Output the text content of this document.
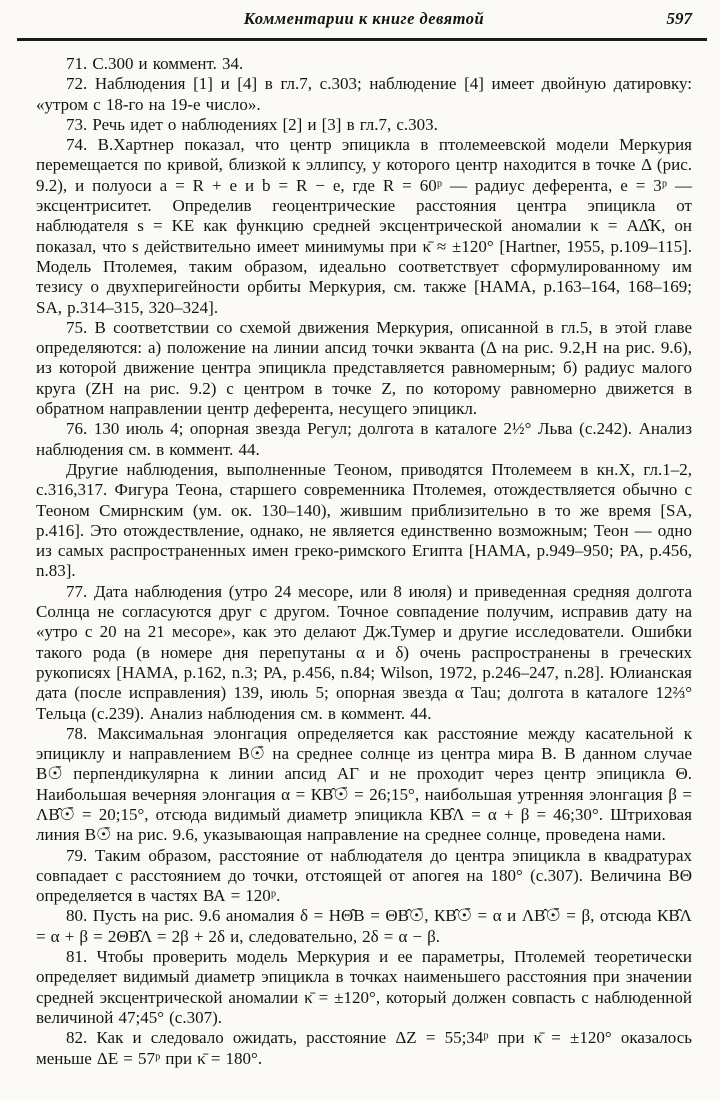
Комментарии к книге девятой	597

71. С.300 и коммент. 34.

72. Наблюдения [1] и [4] в гл.7, с.303; наблюдение [4] имеет двойную датировку: «утром с 18-го на 19-е число».

73. Речь идет о наблюдениях [2] и [3] в гл.7, с.303.

74. В.Хартнер показал, что центр эпицикла в птолемеевской модели Меркурия перемещается по кривой, близкой к эллипсу, у которого центр находится в точке Δ (рис. 9.2), и полуоси a = R + e и b = R − e, где R = 60ᵖ — радиус деферента, e = 3ᵖ — эксцентриситет. Определив геоцентрические расстояния центра эпицикла от наблюдателя s = KE как функцию средней эксцентрической аномалии κ = АΔ̂К, он показал, что s действительно имеет минимумы при κ̄ ≈ ±120° [Hartner, 1955, p.109–115]. Модель Птолемея, таким образом, идеально соответствует сформулированному им тезису о двухперигейности орбиты Меркурия, см. также [НАМА, p.163–164, 168–169; SA, p.314–315, 320–324].

75. В соответствии со схемой движения Меркурия, описанной в гл.5, в этой главе определяются: а) положение на линии апсид точки экванта (Δ на рис. 9.2,Н на рис. 9.6), из которой движение центра эпицикла представляется равномерным; б) радиус малого круга (ZH на рис. 9.2) с центром в точке Z, по которому равномерно движется в обратном направлении центр деферента, несущего эпицикл.

76. 130 июль 4; опорная звезда Регул; долгота в каталоге 2½° Льва (с.242). Анализ наблюдения см. в коммент. 44.

Другие наблюдения, выполненные Теоном, приводятся Птолемеем в кн.X, гл.1–2, с.316,317. Фигура Теона, старшего современника Птолемея, отождествляется обычно с Теоном Смирнским (ум. ок. 130–140), жившим приблизительно в то же время [SA, p.416]. Это отождествление, однако, не является единственно возможным; Теон — одно из самых распространенных имен греко-римского Египта [НАМА, p.949–950; РА, p.456, n.83].

77. Дата наблюдения (утро 24 месоре, или 8 июля) и приведенная средняя долгота Солнца не согласуются друг с другом. Точное совпадение получим, исправив дату на «утро с 20 на 21 месоре», как это делают Дж.Тумер и другие исследователи. Ошибки такого рода (в номере дня перепутаны α и δ) очень распространены в греческих рукописях [НАМА, p.162, n.3; РА, p.456, n.84; Wilson, 1972, p.246–247, n.28]. Юлианская дата (после исправления) 139, июль 5; опорная звезда α Tau; долгота в каталоге 12⅔° Тельца (с.239). Анализ наблюдения см. в коммент. 44.

78. Максимальная элонгация определяется как расстояние между касательной к эпициклу и направлением В☉̄ на среднее солнце из центра мира В. В данном случае В☉̄ перпендикулярна к линии апсид АГ и не проходит через центр эпицикла Θ. Наибольшая вечерняя элонгация α = КВ̂☉̄ = 26;15°, наибольшая утренняя элонгация β = ΛВ̂☉̄ = 20;15°, отсюда видимый диаметр эпицикла КВ̂Λ = α + β = 46;30°. Штриховая линия В☉̄ на рис. 9.6, указывающая направление на среднее солнце, проведена нами.

79. Таким образом, расстояние от наблюдателя до центра эпицикла в квадратурах совпадает с расстоянием до точки, отстоящей от апогея на 180° (с.307). Величина ВΘ определяется в частях ВА = 120ᵖ.

80. Пусть на рис. 9.6 аномалия δ = НΘ̂В = ΘВ̂☉̄, КВ̂☉̄ = α и ΛВ̂☉̄ = β, отсюда КВ̂Λ = α + β = 2ΘВ̂Λ = 2β + 2δ и, следовательно, 2δ = α − β.

81. Чтобы проверить модель Меркурия и ее параметры, Птолемей теоретически определяет видимый диаметр эпицикла в точках наименьшего расстояния при значении средней эксцентрической аномалии κ̄ = ±120°, который должен совпасть с наблюденной величиной 47;45° (с.307).

82. Как и следовало ожидать, расстояние ΔZ = 55;34ᵖ при κ̄ = ±120° оказалось меньше ΔE = 57ᵖ при κ̄ = 180°.
